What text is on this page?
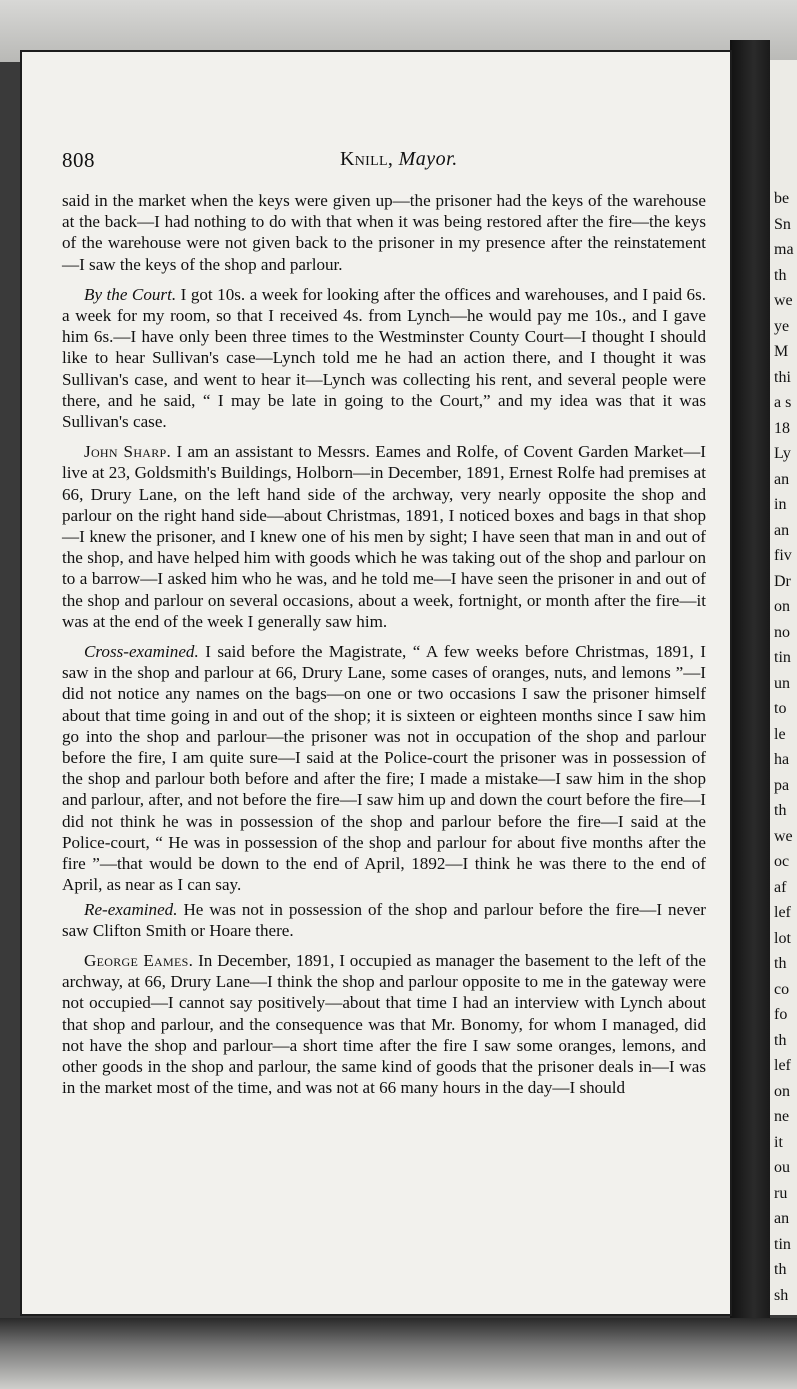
be
Sn
ma
th
we
ye
M
thi
a s
18
Ly
an
in
an
fiv
Dr
on
no
tin
un
to
le
ha
pa
th
we
oc
af
lef
lot
th
co
fo
th
lef
on
ne
it
ou
ru
an
tin
th
sh
808	Knill, Mayor.

said in the market when the keys were given up—the prisoner had the keys of the warehouse at the back—I had nothing to do with that when it was being restored after the fire—the keys of the warehouse were not given back to the prisoner in my presence after the reinstatement—I saw the keys of the shop and parlour.

By the Court. I got 10s. a week for looking after the offices and warehouses, and I paid 6s. a week for my room, so that I received 4s. from Lynch—he would pay me 10s., and I gave him 6s.—I have only been three times to the Westminster County Court—I thought I should like to hear Sullivan's case—Lynch told me he had an action there, and I thought it was Sullivan's case, and went to hear it—Lynch was collecting his rent, and several people were there, and he said, “ I may be late in going to the Court,” and my idea was that it was Sullivan's case.

John Sharp. I am an assistant to Messrs. Eames and Rolfe, of Covent Garden Market—I live at 23, Goldsmith's Buildings, Holborn—in December, 1891, Ernest Rolfe had premises at 66, Drury Lane, on the left hand side of the archway, very nearly opposite the shop and parlour on the right hand side—about Christmas, 1891, I noticed boxes and bags in that shop—I knew the prisoner, and I knew one of his men by sight; I have seen that man in and out of the shop, and have helped him with goods which he was taking out of the shop and parlour on to a barrow—I asked him who he was, and he told me—I have seen the prisoner in and out of the shop and parlour on several occasions, about a week, fortnight, or month after the fire—it was at the end of the week I generally saw him.

Cross-examined. I said before the Magistrate, “ A few weeks before Christmas, 1891, I saw in the shop and parlour at 66, Drury Lane, some cases of oranges, nuts, and lemons ”—I did not notice any names on the bags—on one or two occasions I saw the prisoner himself about that time going in and out of the shop; it is sixteen or eighteen months since I saw him go into the shop and parlour—the prisoner was not in occupation of the shop and parlour before the fire, I am quite sure—I said at the Police-court the prisoner was in possession of the shop and parlour both before and after the fire; I made a mistake—I saw him in the shop and parlour, after, and not before the fire—I saw him up and down the court before the fire—I did not think he was in possession of the shop and parlour before the fire—I said at the Police-court, “ He was in possession of the shop and parlour for about five months after the fire ”—that would be down to the end of April, 1892—I think he was there to the end of April, as near as I can say.

Re-examined. He was not in possession of the shop and parlour before the fire—I never saw Clifton Smith or Hoare there.

George Eames. In December, 1891, I occupied as manager the basement to the left of the archway, at 66, Drury Lane—I think the shop and parlour opposite to me in the gateway were not occupied—I cannot say positively—about that time I had an interview with Lynch about that shop and parlour, and the consequence was that Mr. Bonomy, for whom I managed, did not have the shop and parlour—a short time after the fire I saw some oranges, lemons, and other goods in the shop and parlour, the same kind of goods that the prisoner deals in—I was in the market most of the time, and was not at 66 many hours in the day—I should
